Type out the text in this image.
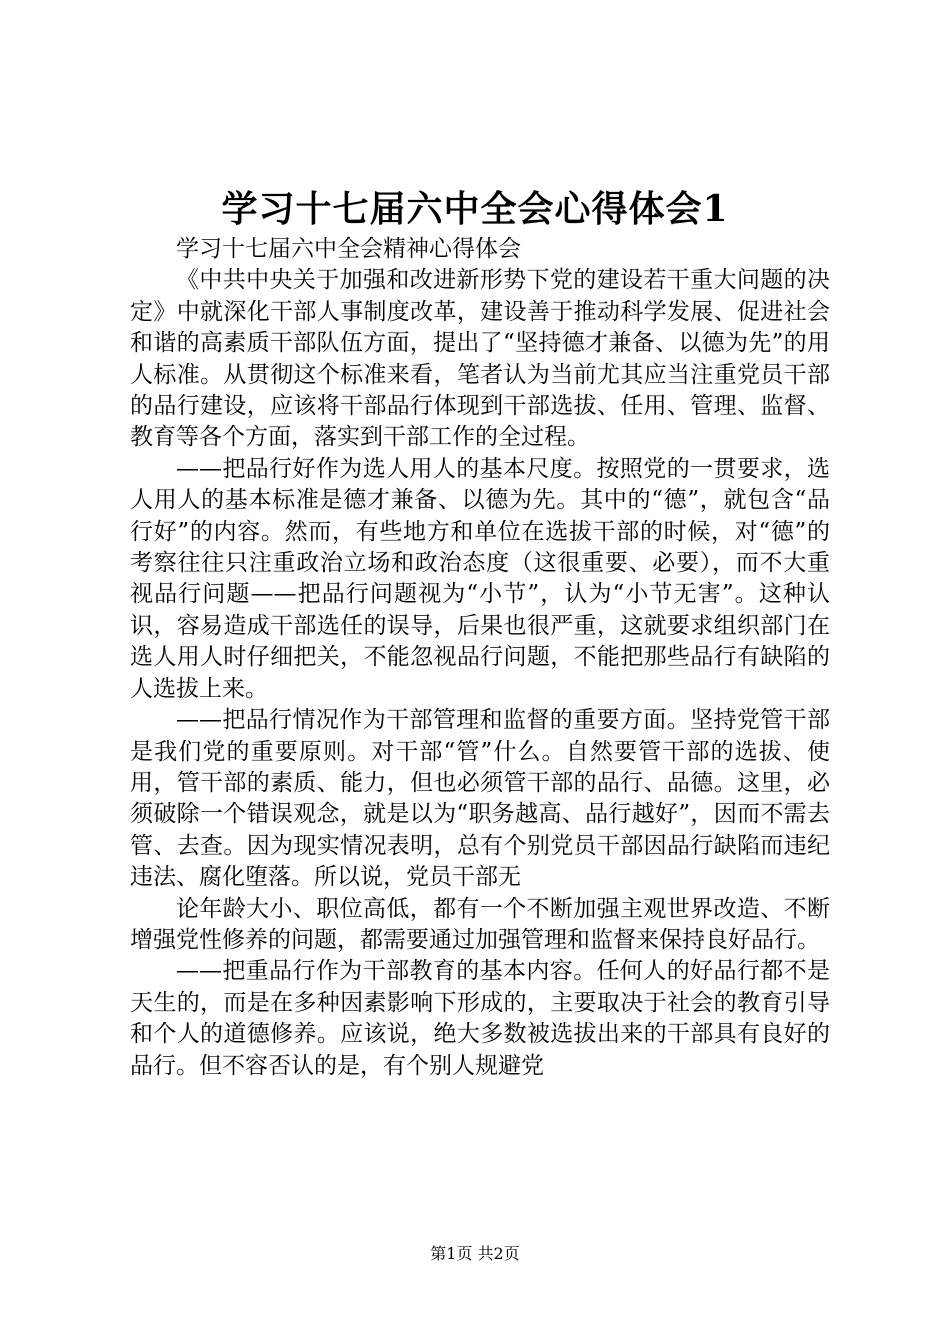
学习十七届六中全会心得体会1

学习十七届六中全会精神心得体会

《中共中央关于加强和改进新形势下党的建设若干重大问题的决定》中就深化干部人事制度改革，建设善于推动科学发展、促进社会和谐的高素质干部队伍方面，提出了“坚持德才兼备、以德为先”的用人标准。从贯彻这个标准来看，笔者认为当前尤其应当注重党员干部的品行建设，应该将干部品行体现到干部选拔、任用、管理、监督、教育等各个方面，落实到干部工作的全过程。

——把品行好作为选人用人的基本尺度。按照党的一贯要求，选人用人的基本标准是德才兼备、以德为先。其中的“德”，就包含“品行好”的内容。然而，有些地方和单位在选拔干部的时候，对“德”的考察往往只注重政治立场和政治态度（这很重要、必要），而不大重视品行问题——把品行问题视为“小节”，认为“小节无害”。这种认识，容易造成干部选任的误导，后果也很严重，这就要求组织部门在选人用人时仔细把关，不能忽视品行问题，不能把那些品行有缺陷的人选拔上来。

——把品行情况作为干部管理和监督的重要方面。坚持党管干部是我们党的重要原则。对干部“管”什么。自然要管干部的选拔、使用，管干部的素质、能力，但也必须管干部的品行、品德。这里，必须破除一个错误观念，就是以为“职务越高、品行越好”，因而不需去管、去查。因为现实情况表明，总有个别党员干部因品行缺陷而违纪违法、腐化堕落。所以说，党员干部无

论年龄大小、职位高低，都有一个不断加强主观世界改造、不断增强党性修养的问题，都需要通过加强管理和监督来保持良好品行。

——把重品行作为干部教育的基本内容。任何人的好品行都不是天生的，而是在多种因素影响下形成的，主要取决于社会的教育引导和个人的道德修养。应该说，绝大多数被选拔出来的干部具有良好的品行。但不容否认的是，有个别人规避党

第1页 共2页
